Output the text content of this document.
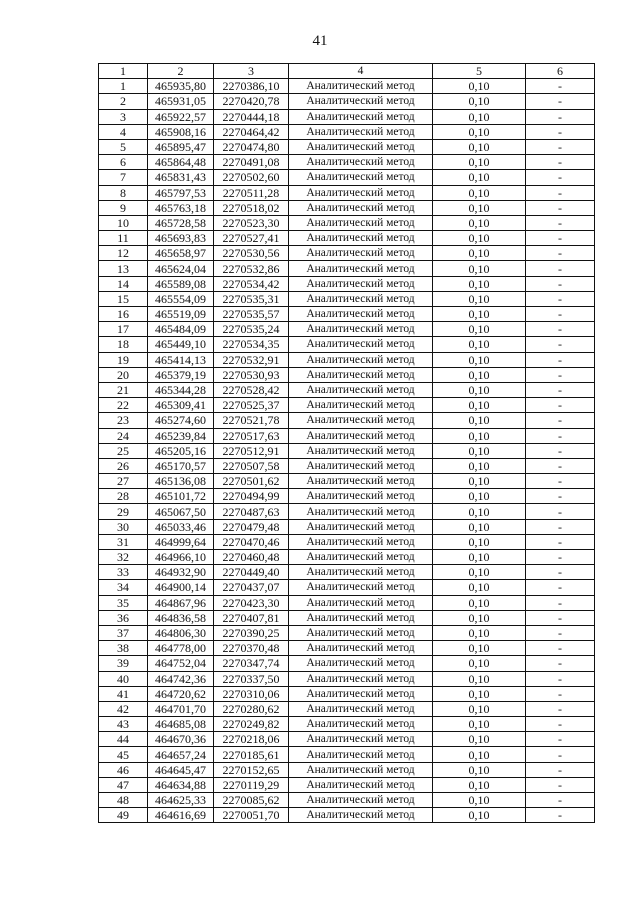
41
1	2	3	4	5	6
1	465935,80	2270386,10	Аналитический метод	0,10	-
2	465931,05	2270420,78	Аналитический метод	0,10	-
3	465922,57	2270444,18	Аналитический метод	0,10	-
4	465908,16	2270464,42	Аналитический метод	0,10	-
5	465895,47	2270474,80	Аналитический метод	0,10	-
6	465864,48	2270491,08	Аналитический метод	0,10	-
7	465831,43	2270502,60	Аналитический метод	0,10	-
8	465797,53	2270511,28	Аналитический метод	0,10	-
9	465763,18	2270518,02	Аналитический метод	0,10	-
10	465728,58	2270523,30	Аналитический метод	0,10	-
11	465693,83	2270527,41	Аналитический метод	0,10	-
12	465658,97	2270530,56	Аналитический метод	0,10	-
13	465624,04	2270532,86	Аналитический метод	0,10	-
14	465589,08	2270534,42	Аналитический метод	0,10	-
15	465554,09	2270535,31	Аналитический метод	0,10	-
16	465519,09	2270535,57	Аналитический метод	0,10	-
17	465484,09	2270535,24	Аналитический метод	0,10	-
18	465449,10	2270534,35	Аналитический метод	0,10	-
19	465414,13	2270532,91	Аналитический метод	0,10	-
20	465379,19	2270530,93	Аналитический метод	0,10	-
21	465344,28	2270528,42	Аналитический метод	0,10	-
22	465309,41	2270525,37	Аналитический метод	0,10	-
23	465274,60	2270521,78	Аналитический метод	0,10	-
24	465239,84	2270517,63	Аналитический метод	0,10	-
25	465205,16	2270512,91	Аналитический метод	0,10	-
26	465170,57	2270507,58	Аналитический метод	0,10	-
27	465136,08	2270501,62	Аналитический метод	0,10	-
28	465101,72	2270494,99	Аналитический метод	0,10	-
29	465067,50	2270487,63	Аналитический метод	0,10	-
30	465033,46	2270479,48	Аналитический метод	0,10	-
31	464999,64	2270470,46	Аналитический метод	0,10	-
32	464966,10	2270460,48	Аналитический метод	0,10	-
33	464932,90	2270449,40	Аналитический метод	0,10	-
34	464900,14	2270437,07	Аналитический метод	0,10	-
35	464867,96	2270423,30	Аналитический метод	0,10	-
36	464836,58	2270407,81	Аналитический метод	0,10	-
37	464806,30	2270390,25	Аналитический метод	0,10	-
38	464778,00	2270370,48	Аналитический метод	0,10	-
39	464752,04	2270347,74	Аналитический метод	0,10	-
40	464742,36	2270337,50	Аналитический метод	0,10	-
41	464720,62	2270310,06	Аналитический метод	0,10	-
42	464701,70	2270280,62	Аналитический метод	0,10	-
43	464685,08	2270249,82	Аналитический метод	0,10	-
44	464670,36	2270218,06	Аналитический метод	0,10	-
45	464657,24	2270185,61	Аналитический метод	0,10	-
46	464645,47	2270152,65	Аналитический метод	0,10	-
47	464634,88	2270119,29	Аналитический метод	0,10	-
48	464625,33	2270085,62	Аналитический метод	0,10	-
49	464616,69	2270051,70	Аналитический метод	0,10	-
